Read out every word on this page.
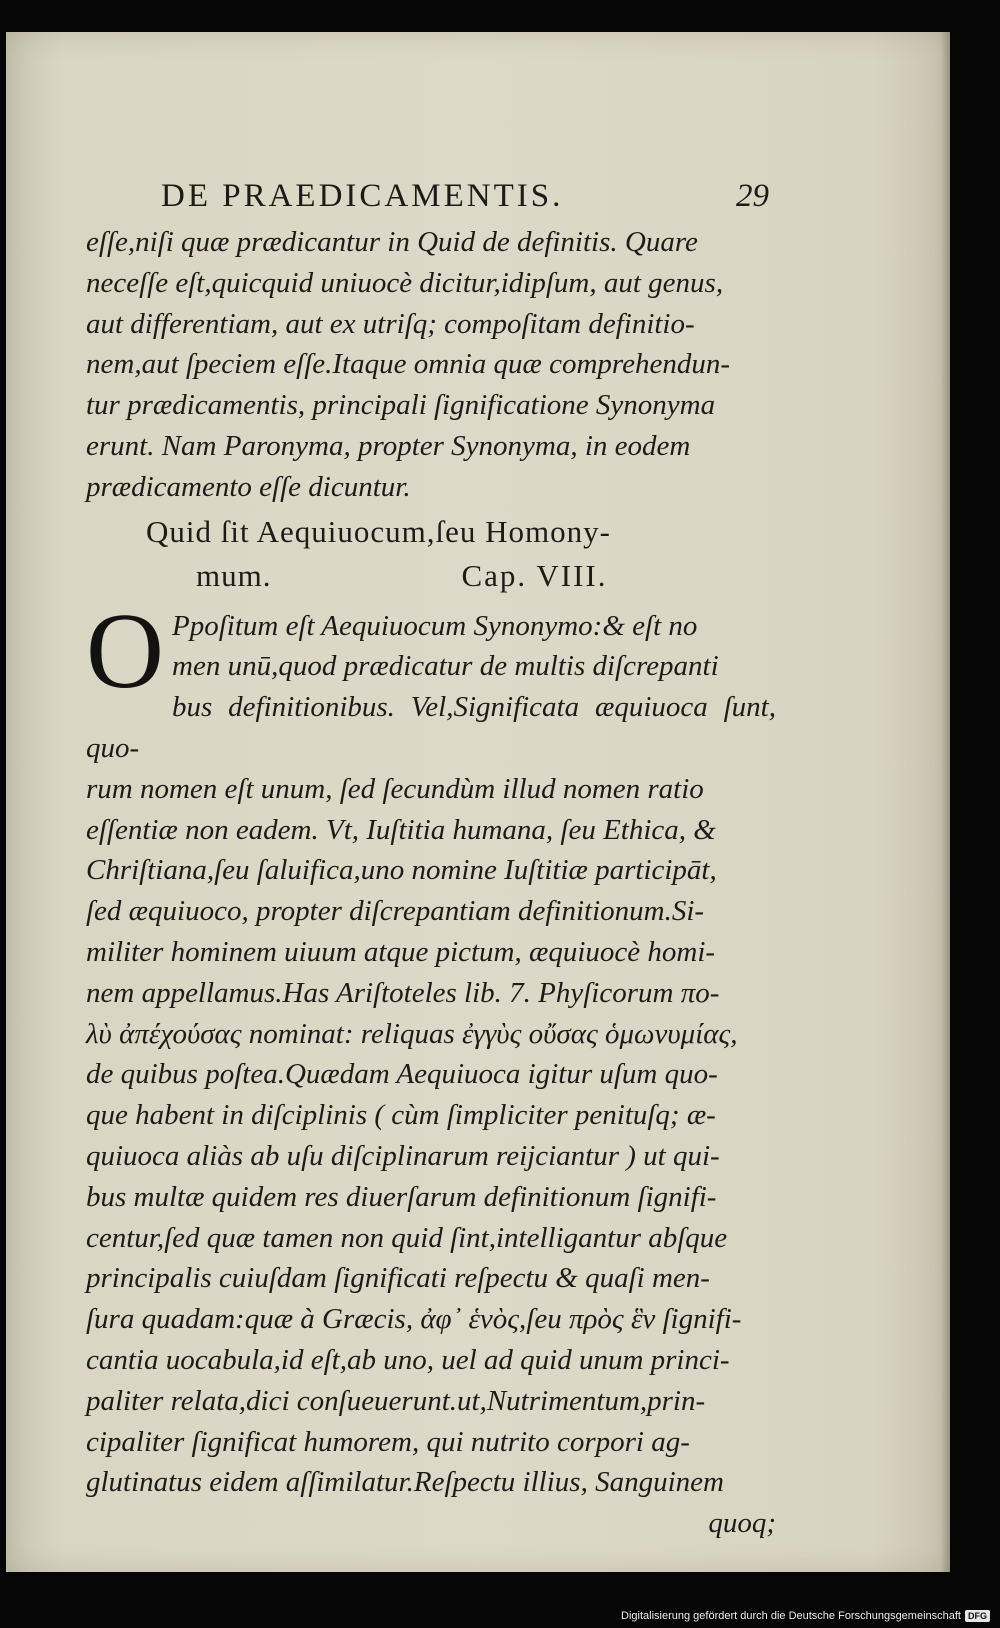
DE PRAEDICAMENTIS.	29

eſſe,niſi quæ prædicantur in Quid de definitis. Quare

neceſſe eſt,quicquid uniuocè dicitur,idipſum, aut genus,

aut differentiam, aut ex utriſq; compoſitam definitio-

nem,aut ſpeciem eſſe.Itaque omnia quæ comprehendun-

tur prædicamentis, principali ſignificatione Synonyma

erunt. Nam Paronyma, propter Synonyma, in eodem

prædicamento eſſe dicuntur.

Quid ſit Aequiuocum,ſeu Homony-
mum.	Cap. VIII.
O Ppoſitum eſt Aequiuocum Synonymo:& eſt no

men unū,quod prædicatur de multis diſcrepanti

bus definitionibus. Vel,Significata æquiuoca ſunt, quo-

rum nomen eſt unum, ſed ſecundùm illud nomen ratio

eſſentiæ non eadem. Vt, Iuſtitia humana, ſeu Ethica, &

Chriſtiana,ſeu ſaluifica,uno nomine Iuſtitiæ participāt,

ſed æquiuoco, propter diſcrepantiam definitionum.Si-

militer hominem uiuum atque pictum, æquiuocè homi-

nem appellamus.Has Ariſtoteles lib. 7. Phyſicorum πο-

λὺ ἀπέχούσας nominat: reliquas ἐγγὺς οὔσας ὁμωνυμίας,

de quibus poſtea.Quædam Aequiuoca igitur uſum quo-

que habent in diſciplinis ( cùm ſimpliciter penituſq; æ-

quiuoca aliàs ab uſu diſciplinarum reijciantur ) ut qui-

bus multæ quidem res diuerſarum definitionum ſignifi-

centur,ſed quæ tamen non quid ſint,intelligantur abſque

principalis cuiuſdam ſignificati reſpectu & quaſi men-

ſura quadam:quæ à Græcis, ἀφ᾽ ἑνὸς,ſeu πρὸς ἓν ſignifi-

cantia uocabula,id eſt,ab uno, uel ad quid unum princi-

paliter relata,dici conſueuerunt.ut,Nutrimentum,prin-

cipaliter ſignificat humorem, qui nutrito corpori ag-

glutinatus eidem aſſimilatur.Reſpectu illius, Sanguinem

quoq;

Digitalisierung gefördert durch die Deutsche Forschungsgemeinschaft DFG
